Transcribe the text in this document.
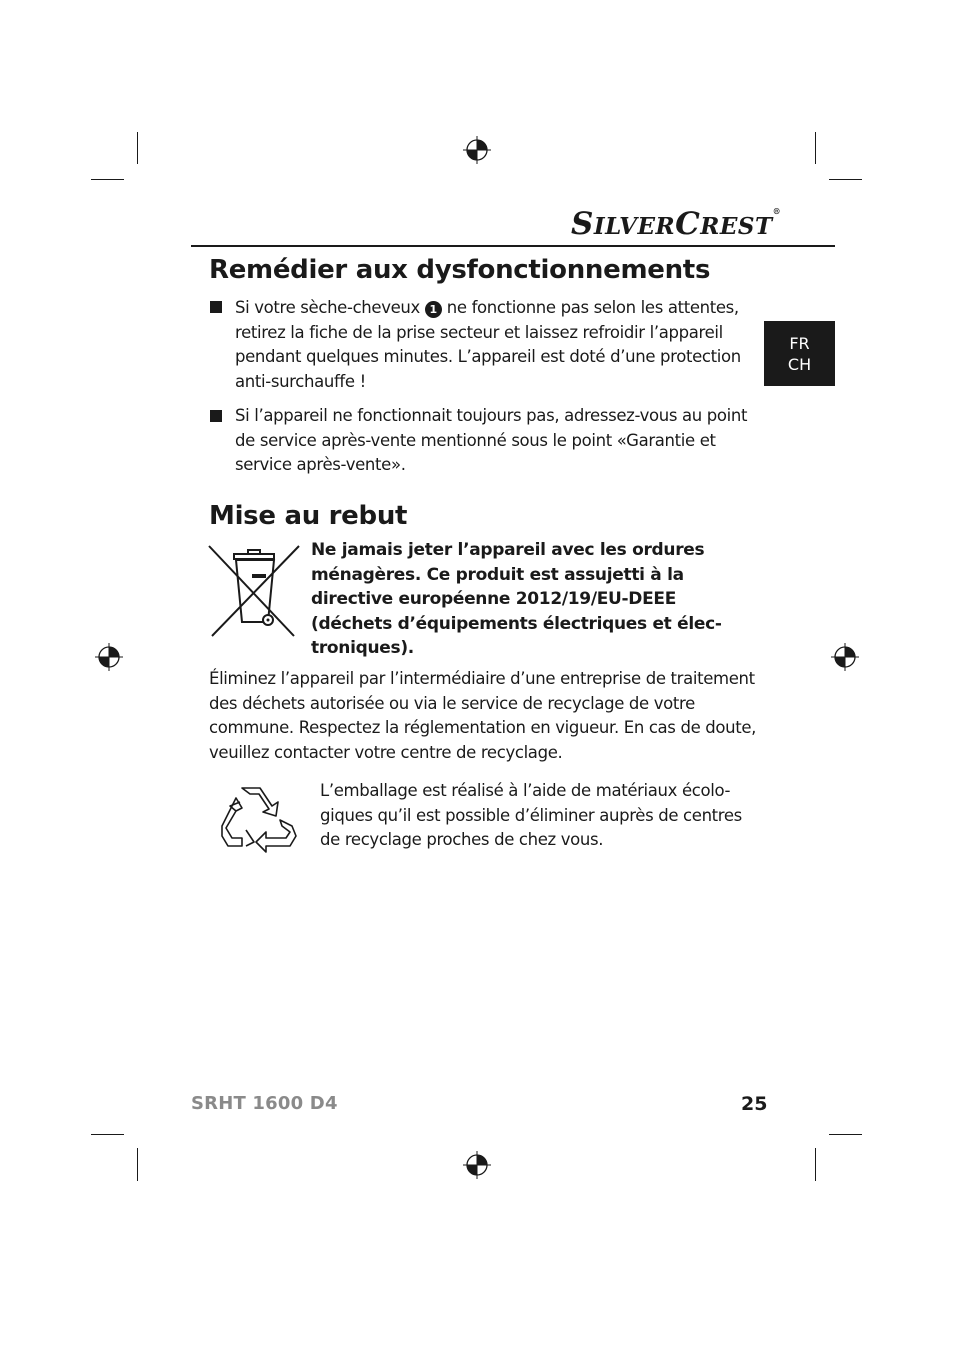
SILVERCREST®
FR
CH
Remédier aux dysfonctionnements

Si votre sèche-cheveux 1 ne fonctionne pas selon les attentes,
retirez la fiche de la prise secteur et laissez refroidir l’appareil
pendant quelques minutes. L’appareil est doté d’une protection
anti-surchauffe !

Si l’appareil ne fonctionnait toujours pas, adressez-vous au point
de service après-vente mentionné sous le point «Garantie et
service après-vente».

Mise au rebut

Ne jamais jeter l’appareil avec les ordures
ménagères. Ce produit est assujetti à la
directive européenne 2012/19/EU-DEEE
(déchets d’équipements électriques et élec-
troniques).

Éliminez l’appareil par l’intermédiaire d’une entreprise de traitement
des déchets autorisée ou via le service de recyclage de votre
commune. Respectez la réglementation en vigueur. En cas de doute,
veuillez contacter votre centre de recyclage.

L’emballage est réalisé à l’aide de matériaux écolo-
giques qu’il est possible d’éliminer auprès de centres
de recyclage proches de chez vous.

SRHT 1600 D4	25
